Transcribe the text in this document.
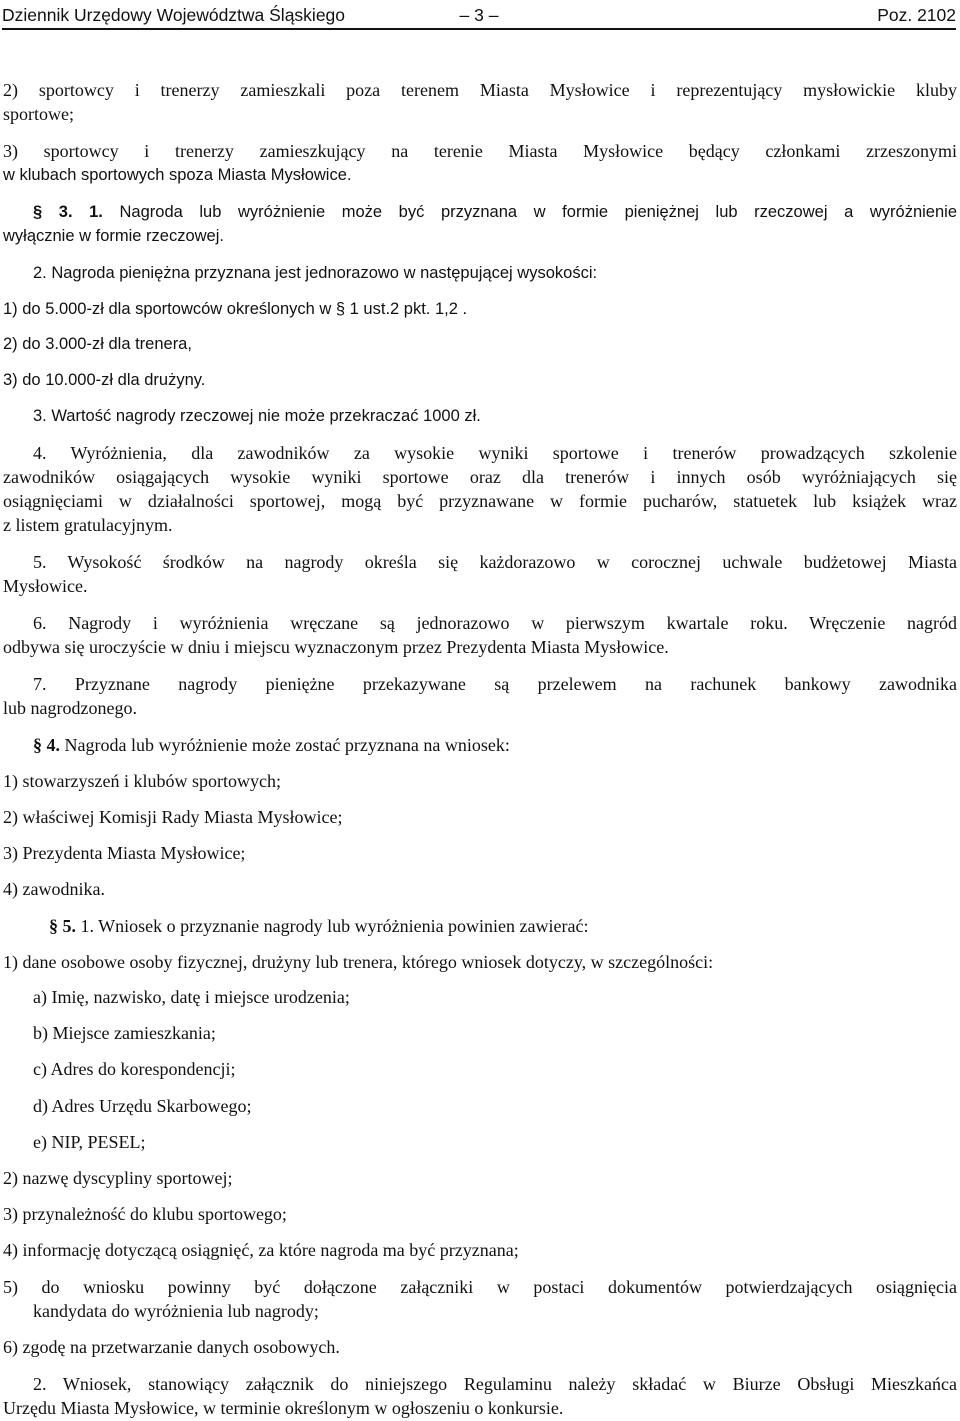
Dziennik Urzędowy Województwa Śląskiego	– 3 –	Poz. 2102
2) sportowcy i trenerzy zamieszkali poza terenem Miasta Mysłowice i reprezentujący mysłowickie kluby
sportowe;
3) sportowcy i trenerzy zamieszkujący na terenie Miasta Mysłowice będący członkami zrzeszonymi
w klubach sportowych spoza Miasta Mysłowice.
§ 3. 1. Nagroda lub wyróżnienie może być przyznana w formie pieniężnej lub rzeczowej a wyróżnienie
wyłącznie w formie rzeczowej.
2. Nagroda pieniężna przyznana jest jednorazowo w następującej wysokości:
1) do 5.000-zł dla sportowców określonych w § 1 ust.2 pkt. 1,2 .
2) do 3.000-zł dla trenera,
3) do 10.000-zł dla drużyny.
3. Wartość nagrody rzeczowej nie może przekraczać 1000 zł.
4. Wyróżnienia, dla zawodników za wysokie wyniki sportowe i trenerów prowadzących szkolenie
zawodników osiągających wysokie wyniki sportowe oraz dla trenerów i innych osób wyróżniających się
osiągnięciami w działalności sportowej, mogą być przyznawane w formie pucharów, statuetek lub książek wraz
z listem gratulacyjnym.
5. Wysokość środków na nagrody określa się każdorazowo w corocznej uchwale budżetowej Miasta
Mysłowice.
6. Nagrody i wyróżnienia wręczane są jednorazowo w pierwszym kwartale roku. Wręczenie nagród
odbywa się uroczyście w dniu i miejscu wyznaczonym przez Prezydenta Miasta Mysłowice.
7. Przyznane nagrody pieniężne przekazywane są przelewem na rachunek bankowy zawodnika
lub nagrodzonego.
§ 4. Nagroda lub wyróżnienie może zostać przyznana na wniosek:
1) stowarzyszeń i klubów sportowych;
2) właściwej Komisji Rady Miasta Mysłowice;
3) Prezydenta Miasta Mysłowice;
4) zawodnika.
§ 5. 1. Wniosek o przyznanie nagrody lub wyróżnienia powinien zawierać:
1) dane osobowe osoby fizycznej, drużyny lub trenera, którego wniosek dotyczy, w szczególności:
a) Imię, nazwisko, datę i miejsce urodzenia;
b) Miejsce zamieszkania;
c) Adres do korespondencji;
d) Adres Urzędu Skarbowego;
e) NIP, PESEL;
2) nazwę dyscypliny sportowej;
3) przynależność do klubu sportowego;
4) informację dotyczącą osiągnięć, za które nagroda ma być przyznana;
5) do wniosku powinny być dołączone załączniki w postaci dokumentów potwierdzających osiągnięcia
kandydata do wyróżnienia lub nagrody;
6) zgodę na przetwarzanie danych osobowych.
2. Wniosek, stanowiący załącznik do niniejszego Regulaminu należy składać w Biurze Obsługi Mieszkańca
Urzędu Miasta Mysłowice, w terminie określonym w ogłoszeniu o konkursie.
